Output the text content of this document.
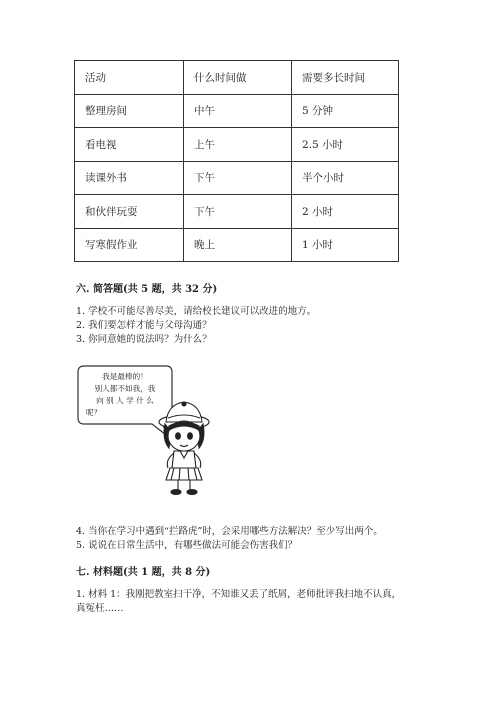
活动	什么时间做	需要多长时间
整理房间	中午	5 分钟
看电视	上午	2.5 小时
读课外书	下午	半个小时
和伙伴玩耍	下午	2 小时
写寒假作业	晚上	1 小时
六. 简答题(共 5 题，共 32 分)
1. 学校不可能尽善尽美，请给校长建议可以改进的地方。
2. 我们要怎样才能与父母沟通？
3. 你同意她的说法吗？为什么？
我是最棒的！
别人都不如我，我
向 别 人 学 什 么
呢？
4. 当你在学习中遇到“拦路虎”时，会采用哪些方法解决？至少写出两个。
5. 说说在日常生活中，有哪些做法可能会伤害我们？
七. 材料题(共 1 题，共 8 分)
1. 材料 1：我刚把教室扫干净，不知谁又丢了纸屑，老师批评我扫地不认真，
真冤枉……
